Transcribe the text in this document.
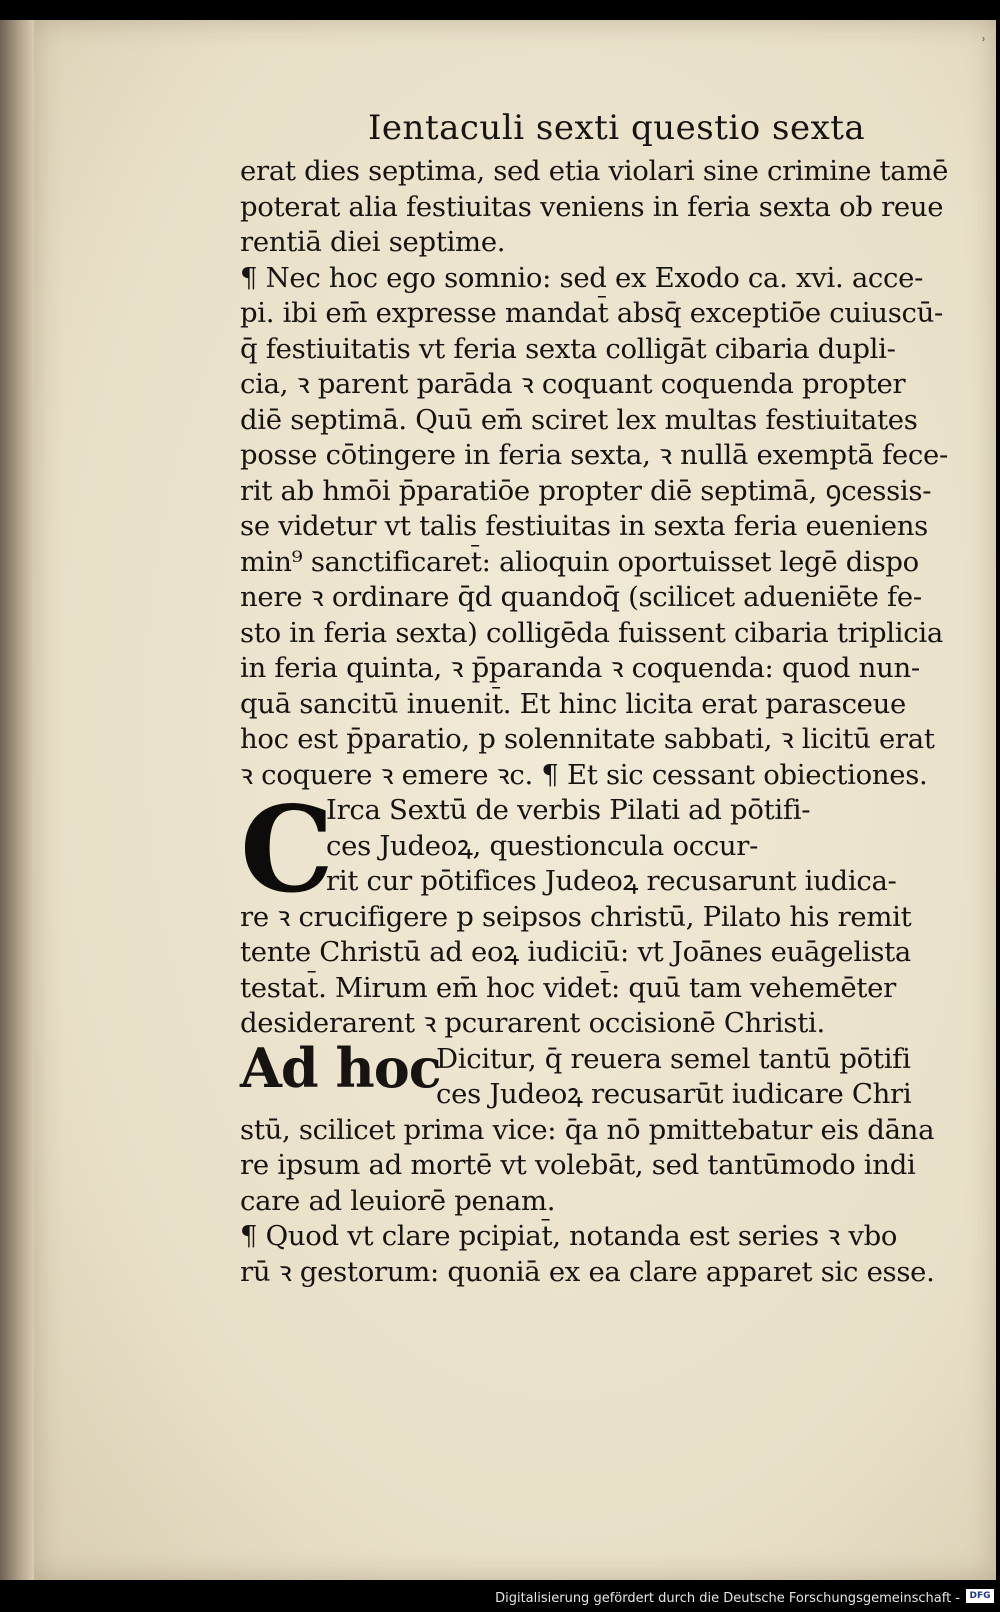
ʾ
Ientaculi sexti questio sexta
erat dies septima, sed etia violari sine crimine tamē
poterat alia festiuitas veniens in feria sexta ob reue
rentiā diei septime.
¶ Nec hoc ego somnio: sed ex Exodo ca. xvi. acce-
pi. ibi em̄ expresse mandat̄ absq̄ exceptiōe cuiuscū-
q̄ festiuitatis vt feria sexta colligāt cibaria dupli-
cia, ꝛ parent parāda ꝛ coquant coquenda propter
diē septimā. Quū em̄ sciret lex multas festiuitates
posse cōtingere in feria sexta, ꝛ nullā exemptā fece-
rit ab hmōi p̄paratiōe propter diē septimā, ꝯcessis-
se videtur vt talis festiuitas in sexta feria eueniens
min⁹ sanctificaret̄: alioquin oportuisset legē dispo
nere ꝛ ordinare q̄d quandoq̄ (scilicet adueniēte fe-
sto in feria sexta) colligēda fuissent cibaria triplicia
in feria quinta, ꝛ p̄paranda ꝛ coquenda: quod nun-
quā sancitū inuenit̄. Et hinc licita erat parasceue
hoc est p̄paratio, p solennitate sabbati, ꝛ licitū erat
ꝛ coquere ꝛ emere ꝛc. ¶ Et sic cessant obiectiones.
C
Irca Sextū de verbis Pilati ad pōtifi-
ces Judeoꝝ, questioncula occur-
rit cur pōtifices Judeoꝝ recusarunt iudica-
re ꝛ crucifigere p seipsos christū, Pilato his remit
tente Christū ad eoꝝ iudiciū: vt Joānes euāgelista
testat̄. Mirum em̄ hoc videt̄: quū tam vehemēter
desiderarent ꝛ pcurarent occisionē Christi.
Ad hoc
Dicitur, q̄ reuera semel tantū pōtifi
ces Judeoꝝ recusarūt iudicare Chri
stū, scilicet prima vice: q̄a nō pmittebatur eis dāna
re ipsum ad mortē vt volebāt, sed tantūmodo indi
care ad leuiorē penam.
¶ Quod vt clare pcipiat̄, notanda est series ꝛ vbo
rū ꝛ gestorum: quoniā ex ea clare apparet sic esse.
Digitalisierung gefördert durch die Deutsche Forschungsgemeinschaft -	DFG
